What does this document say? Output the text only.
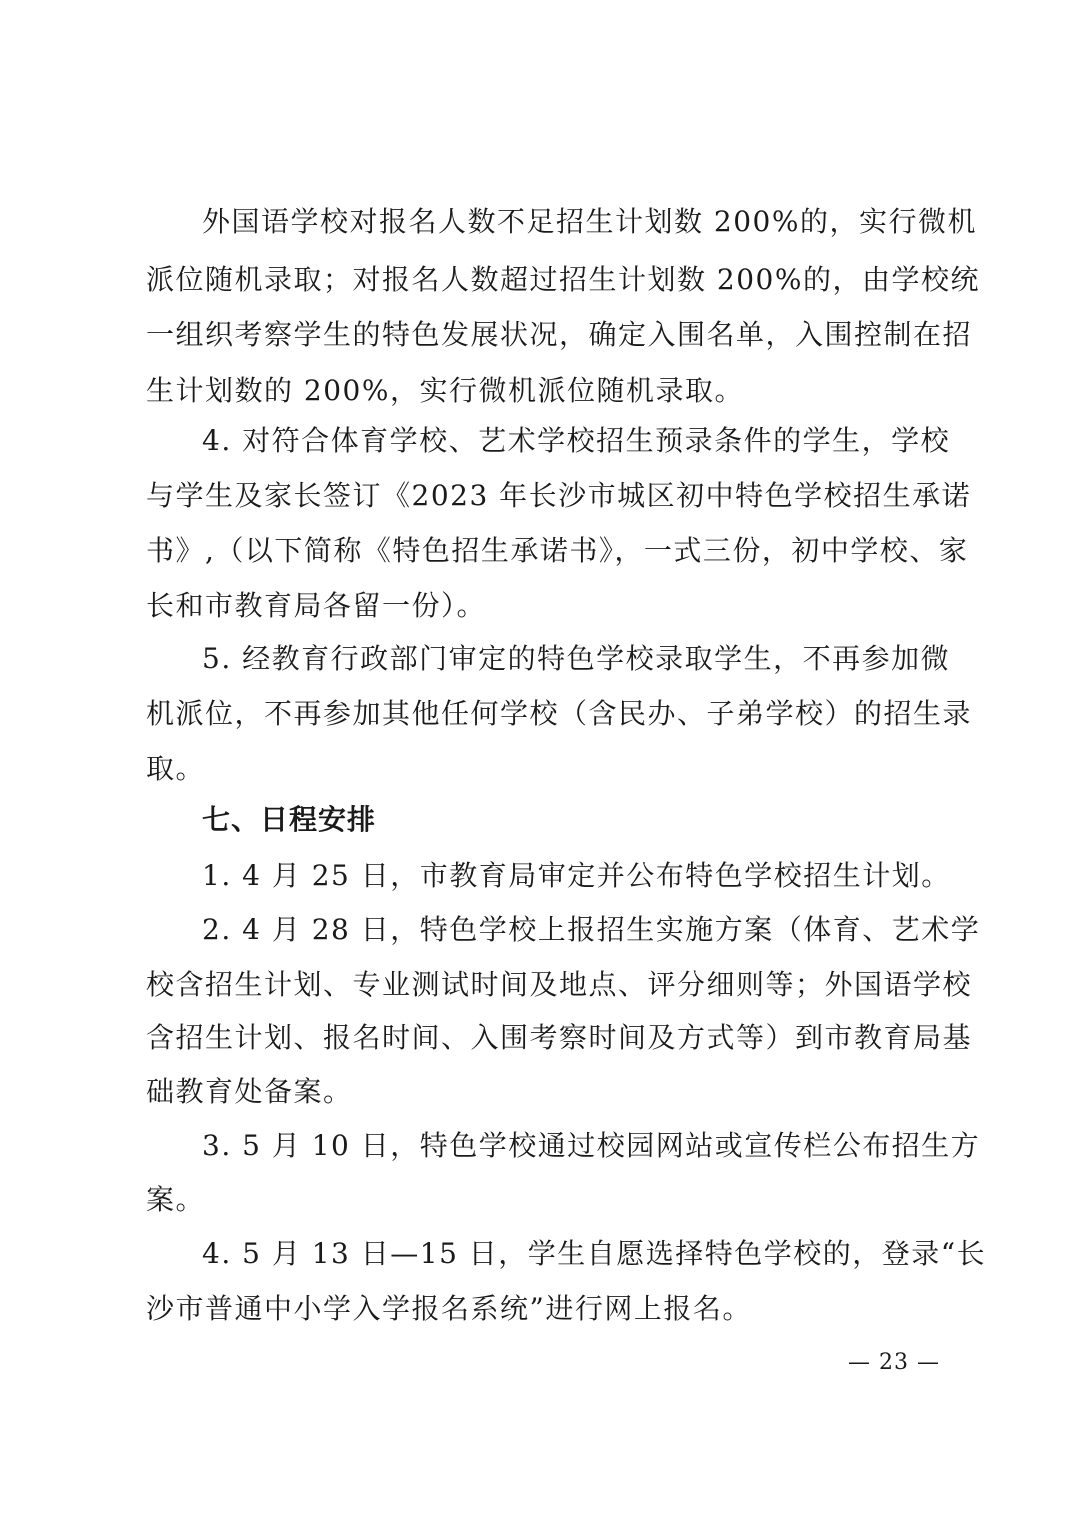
外国语学校对报名人数不足招生计划数 200%的，实行微机
派位随机录取；对报名人数超过招生计划数 200%的，由学校统
一组织考察学生的特色发展状况，确定入围名单，入围控制在招
生计划数的 200%，实行微机派位随机录取。
4. 对符合体育学校、艺术学校招生预录条件的学生，学校
与学生及家长签订《2023 年长沙市城区初中特色学校招生承诺
书》,（以下简称《特色招生承诺书》，一式三份，初中学校、家
长和市教育局各留一份）。
5. 经教育行政部门审定的特色学校录取学生，不再参加微
机派位，不再参加其他任何学校（含民办、子弟学校）的招生录
取。
七、日程安排
1. 4 月 25 日，市教育局审定并公布特色学校招生计划。
2. 4 月 28 日，特色学校上报招生实施方案（体育、艺术学
校含招生计划、专业测试时间及地点、评分细则等；外国语学校
含招生计划、报名时间、入围考察时间及方式等）到市教育局基
础教育处备案。
3. 5 月 10 日，特色学校通过校园网站或宣传栏公布招生方
案。
4. 5 月 13 日—15 日，学生自愿选择特色学校的，登录“长
沙市普通中小学入学报名系统”进行网上报名。
— 23 —
